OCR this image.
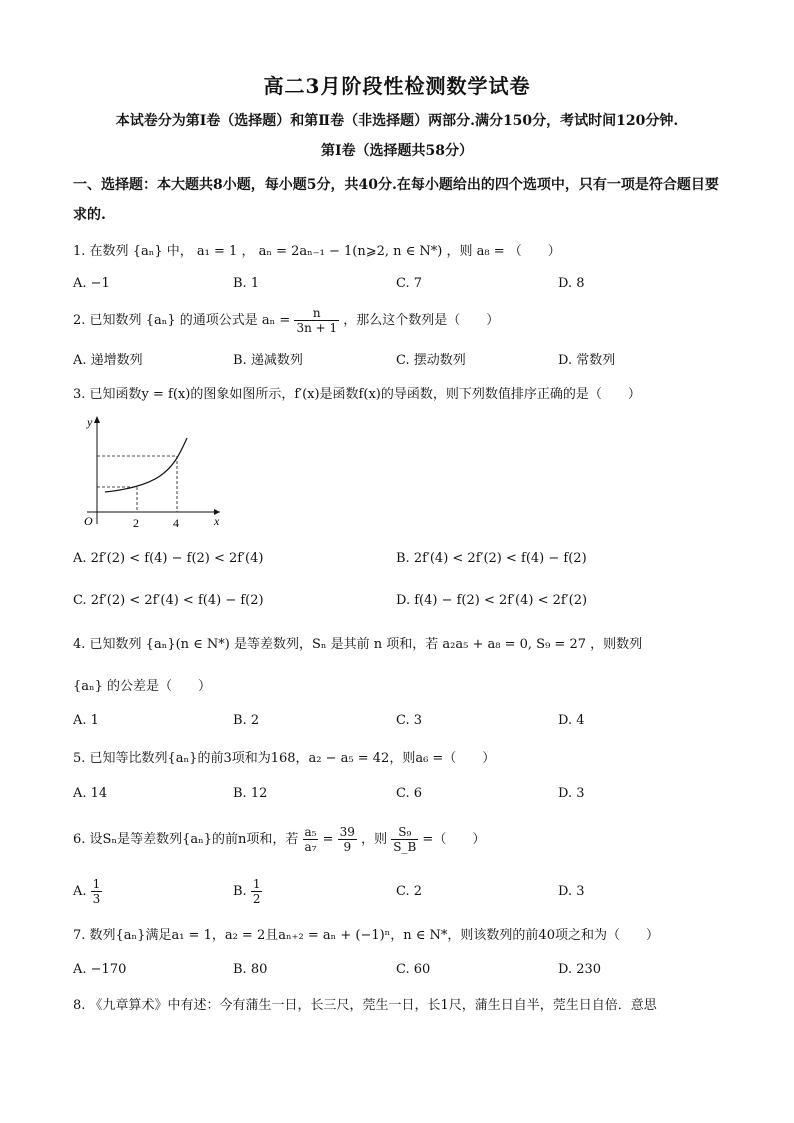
高二3月阶段性检测数学试卷
本试卷分为第Ⅰ卷（选择题）和第Ⅱ卷（非选择题）两部分.满分150分，考试时间120分钟.
第Ⅰ卷（选择题共58分）
一、选择题：本大题共8小题，每小题5分，共40分.在每小题给出的四个选项中，只有一项是符合题目要求的.
1. 在数列 {aₙ} 中， a₁ = 1 ， aₙ = 2aₙ₋₁ − 1(n⩾2, n ∈ N*) ，则 a₈ = （　　）
A. −1	B. 1	C. 7	D. 8
2. 已知数列 {aₙ} 的通项公式是 $a_n = \frac{n}{3n + 1}$ ，那么这个数列是（　　）
A. 递增数列	B. 递减数列	C. 摆动数列	D. 常数列
3. 已知函数y = f(x)的图象如图所示，f′(x)是函数f(x)的导函数，则下列数值排序正确的是（　　）
y
x
O	2	4
A. 2f′(2) < f(4) − f(2) < 2f′(4)	B. 2f′(4) < 2f′(2) < f(4) − f(2)
C. 2f′(2) < 2f′(4) < f(4) − f(2)	D. f(4) − f(2) < 2f′(4) < 2f′(2)
4. 已知数列 {aₙ}(n ∈ N*) 是等差数列，Sₙ 是其前 n 项和，若 a₂a₅ + a₈ = 0, S₉ = 27 ，则数列
{aₙ} 的公差是（　　）
A. 1	B. 2	C. 3	D. 4
5. 已知等比数列{aₙ}的前3项和为168，a₂ − a₅ = 42，则a₆ =（　　）
A. 14	B. 12	C. 6	D. 3
6. 设Sₙ是等差数列{aₙ}的前n项和，若 $\frac{\text{a₅}}{\text{a₇}} = \frac{39}{9}$ ，则 $\frac{\text{S₉}}{S\_B}$ =（　　）
A. $\frac{1}{3}$	B. $\frac{1}{2}$	C. 2	D. 3
7. 数列{aₙ}满足a₁ = 1，a₂ = 2且aₙ₊₂ = aₙ + (−1)ⁿ，n ∈ N*，则该数列的前40项之和为（　　）
A. −170	B. 80	C. 60	D. 230
8. 《九章算术》中有述：今有蒲生一日，长三尺，莞生一日，长1尺，蒲生日自半，莞生日自倍．意思
